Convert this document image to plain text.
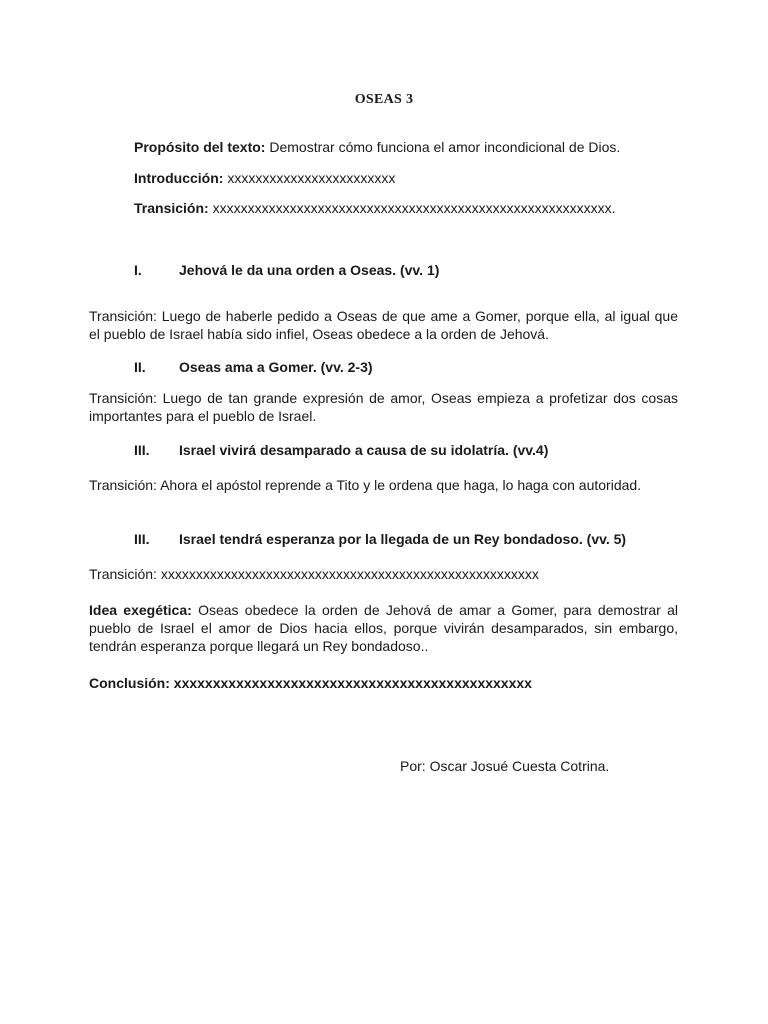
OSEAS 3
Propósito del texto: Demostrar cómo funciona el amor incondicional de Dios.
Introducción: xxxxxxxxxxxxxxxxxxxxxxxx
Transición: xxxxxxxxxxxxxxxxxxxxxxxxxxxxxxxxxxxxxxxxxxxxxxxxxxxxxxxxx.
I.	Jehová le da una orden a Oseas. (vv. 1)
Transición: Luego de haberle pedido a Oseas de que ame a Gomer, porque ella, al igual que el pueblo de Israel había sido infiel, Oseas obedece a la orden de Jehová.
II. Oseas ama a Gomer. (vv. 2-3)
Transición: Luego de tan grande expresión de amor, Oseas empieza a profetizar dos cosas importantes para el pueblo de Israel.
III. Israel vivirá desamparado a causa de su idolatría. (vv.4)
Transición: Ahora el apóstol reprende a Tito y le ordena que haga, lo haga con autoridad.
III. Israel tendrá esperanza por la llegada de un Rey bondadoso. (vv. 5)
Transición: xxxxxxxxxxxxxxxxxxxxxxxxxxxxxxxxxxxxxxxxxxxxxxxxxxxxxx
Idea exegética: Oseas obedece la orden de Jehová de amar a Gomer, para demostrar al pueblo de Israel el amor de Dios hacia ellos, porque vivirán desamparados, sin embargo, tendrán esperanza porque llegará un Rey bondadoso..
Conclusión: xxxxxxxxxxxxxxxxxxxxxxxxxxxxxxxxxxxxxxxxxxxxxx
Por: Oscar Josué Cuesta Cotrina.
